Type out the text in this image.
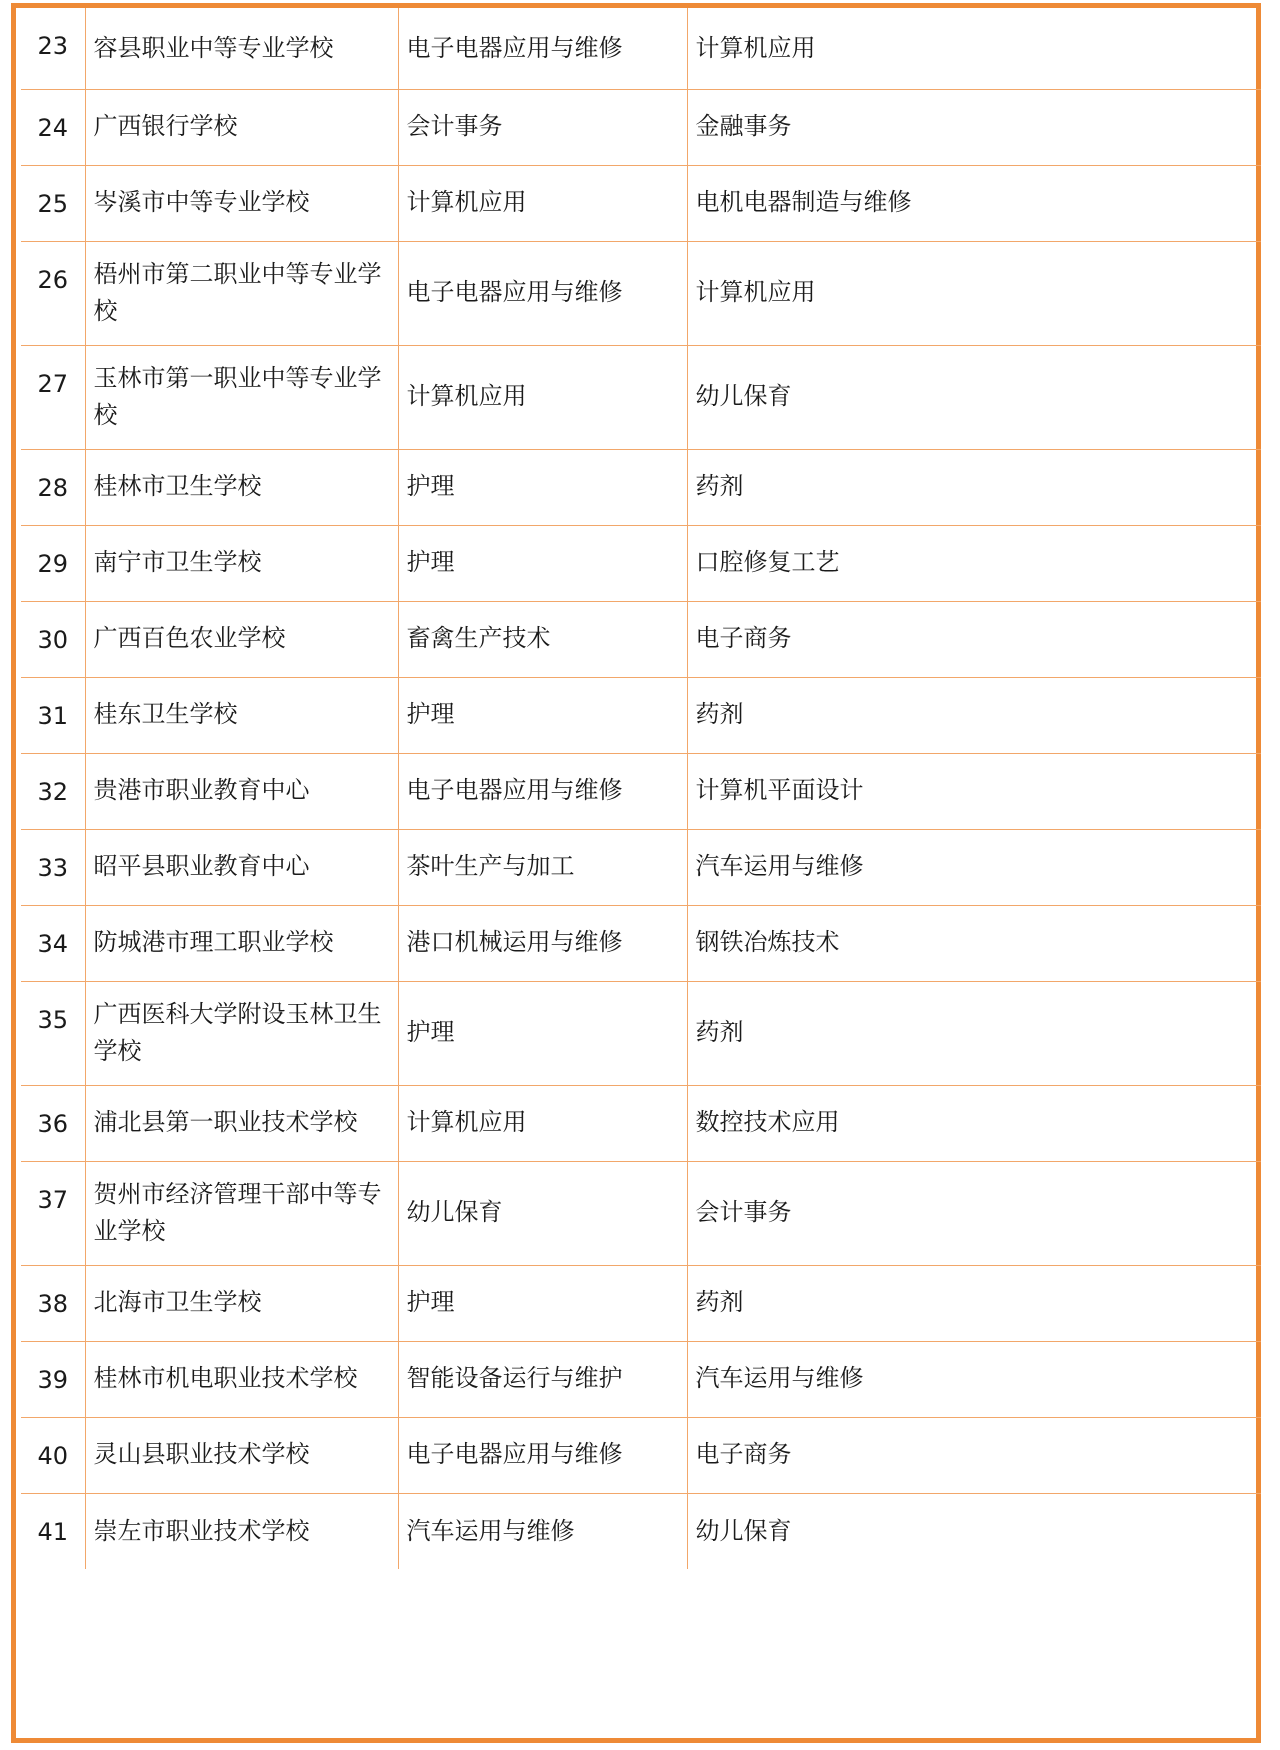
23	容县职业中等专业学校	电子电器应用与维修	计算机应用
24	广西银行学校	会计事务	金融事务
25	岑溪市中等专业学校	计算机应用	电机电器制造与维修
26	梧州市第二职业中等专业学校	电子电器应用与维修	计算机应用
27	玉林市第一职业中等专业学校	计算机应用	幼儿保育
28	桂林市卫生学校	护理	药剂
29	南宁市卫生学校	护理	口腔修复工艺
30	广西百色农业学校	畜禽生产技术	电子商务
31	桂东卫生学校	护理	药剂
32	贵港市职业教育中心	电子电器应用与维修	计算机平面设计
33	昭平县职业教育中心	茶叶生产与加工	汽车运用与维修
34	防城港市理工职业学校	港口机械运用与维修	钢铁冶炼技术
35	广西医科大学附设玉林卫生学校	护理	药剂
36	浦北县第一职业技术学校	计算机应用	数控技术应用
37	贺州市经济管理干部中等专业学校	幼儿保育	会计事务
38	北海市卫生学校	护理	药剂
39	桂林市机电职业技术学校	智能设备运行与维护	汽车运用与维修
40	灵山县职业技术学校	电子电器应用与维修	电子商务
41	崇左市职业技术学校	汽车运用与维修	幼儿保育
